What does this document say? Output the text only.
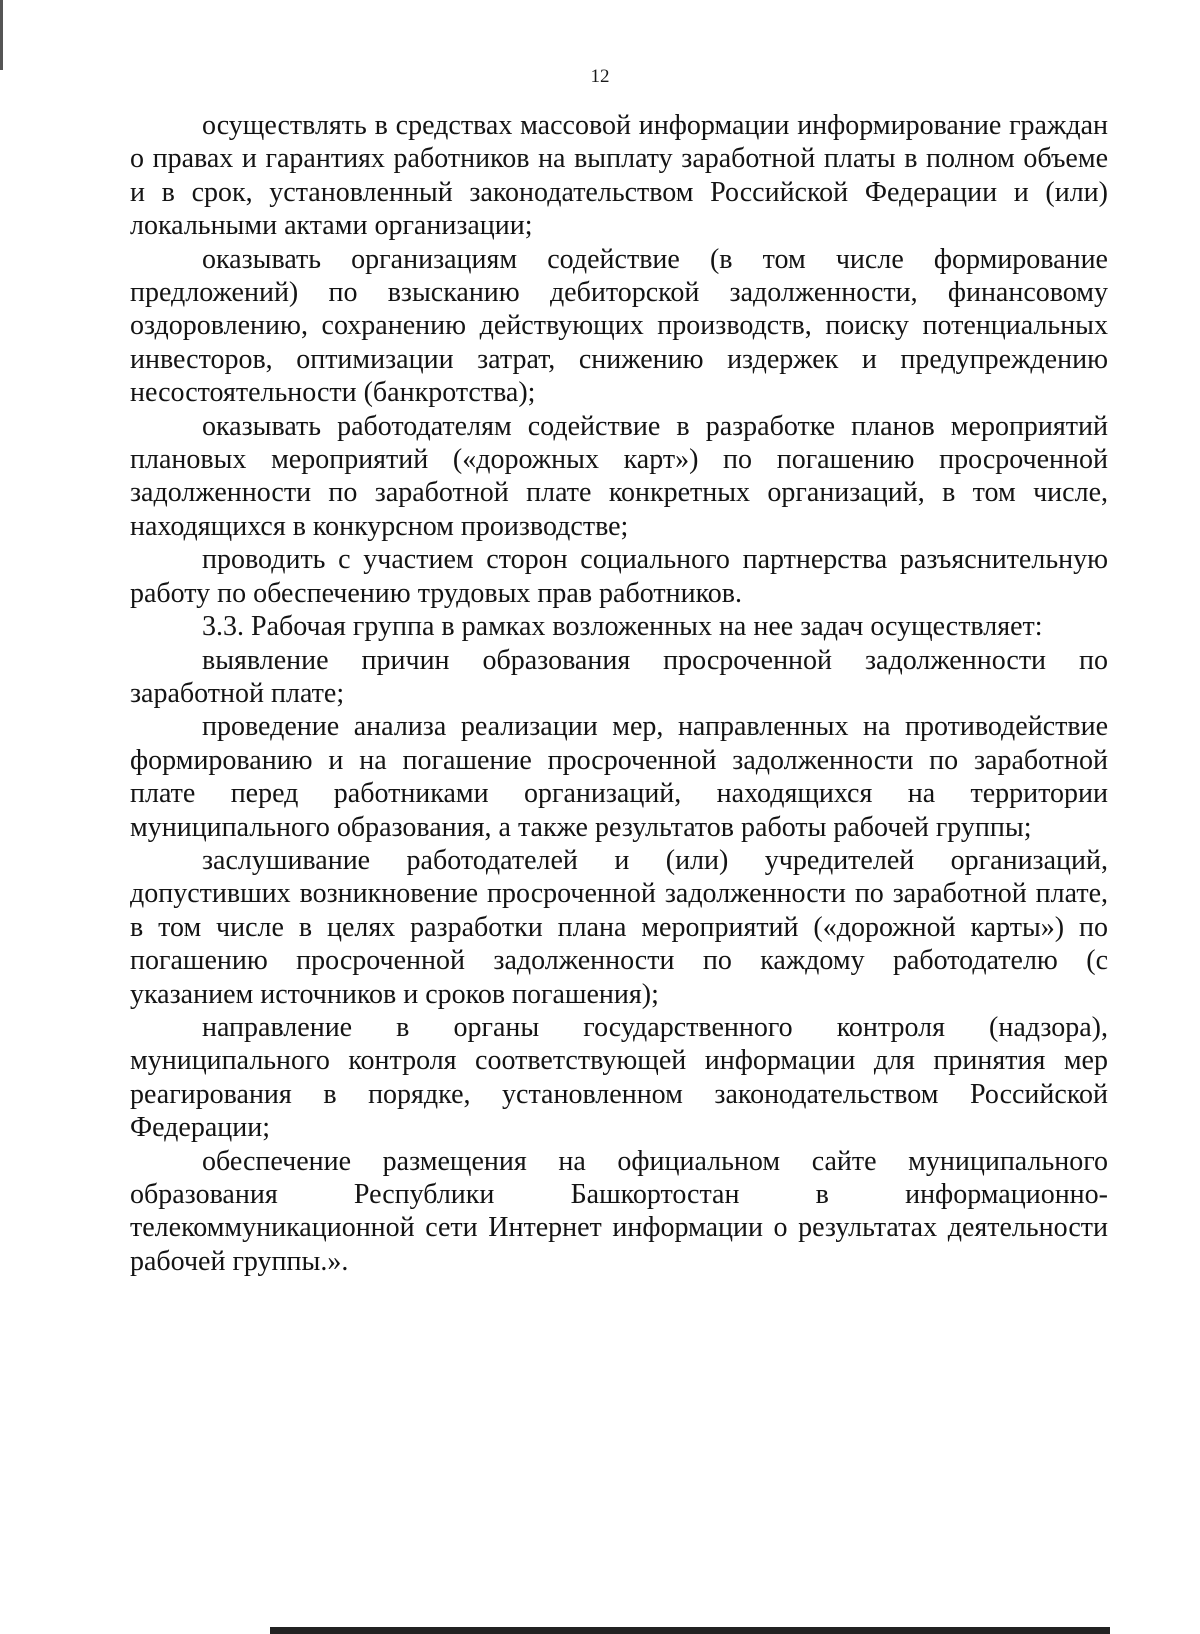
12

осуществлять в средствах массовой информации информирование граждан о правах и гарантиях работников на выплату заработной платы в полном объеме и в срок, установленный законодательством Российской Федерации и (или) локальными актами организации;

оказывать организациям содействие (в том числе формирование предложений) по взысканию дебиторской задолженности, финансовому оздоровлению, сохранению действующих производств, поиску потенциальных инвесторов, оптимизации затрат, снижению издержек и предупреждению несостоятельности (банкротства);

оказывать работодателям содействие в разработке планов мероприятий плановых мероприятий («дорожных карт») по погашению просроченной задолженности по заработной плате конкретных организаций, в том числе, находящихся в конкурсном производстве;

проводить с участием сторон социального партнерства разъяснительную работу по обеспечению трудовых прав работников.

3.3. Рабочая группа в рамках возложенных на нее задач осуществляет:

выявление причин образования просроченной задолженности по заработной плате;

проведение анализа реализации мер, направленных на противодействие формированию и на погашение просроченной задолженности по заработной плате перед работниками организаций, находящихся на территории муниципального образования, а также результатов работы рабочей группы;

заслушивание работодателей и (или) учредителей организаций, допустивших возникновение просроченной задолженности по заработной плате, в том числе в целях разработки плана мероприятий («дорожной карты») по погашению просроченной задолженности по каждому работодателю (с указанием источников и сроков погашения);

направление в органы государственного контроля (надзора), муниципального контроля соответствующей информации для принятия мер реагирования в порядке, установленном законодательством Российской Федерации;

обеспечение размещения на официальном сайте муниципального образования Республики Башкортостан в информационно-телекоммуникационной сети Интернет информации о результатах деятельности рабочей группы.».
